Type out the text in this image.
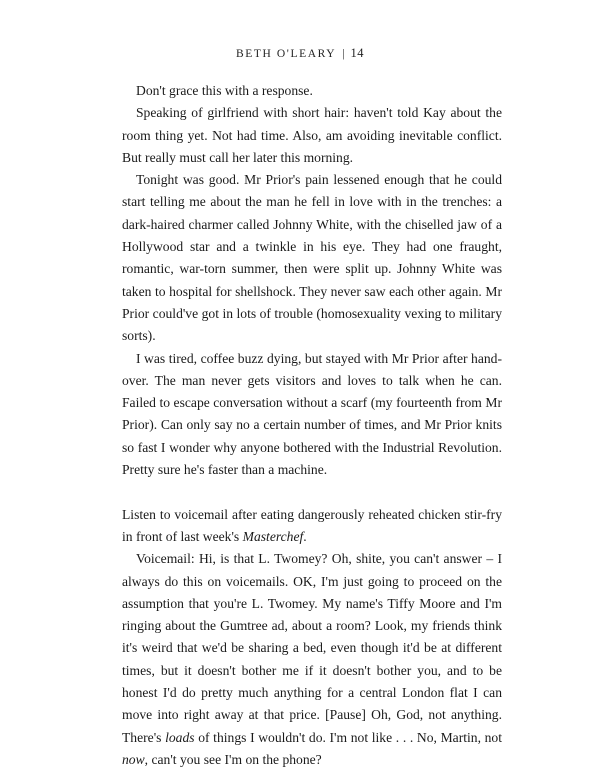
BETH O'LEARY | 14

Don't grace this with a response.

Speaking of girlfriend with short hair: haven't told Kay about the room thing yet. Not had time. Also, am avoiding inevitable conflict. But really must call her later this morning.

Tonight was good. Mr Prior's pain lessened enough that he could start telling me about the man he fell in love with in the trenches: a dark-haired charmer called Johnny White, with the chiselled jaw of a Hollywood star and a twinkle in his eye. They had one fraught, romantic, war-torn summer, then were split up. Johnny White was taken to hospital for shellshock. They never saw each other again. Mr Prior could've got in lots of trouble (homosexuality vexing to military sorts).

I was tired, coffee buzz dying, but stayed with Mr Prior after hand-over. The man never gets visitors and loves to talk when he can. Failed to escape conversation without a scarf (my fourteenth from Mr Prior). Can only say no a certain number of times, and Mr Prior knits so fast I wonder why anyone bothered with the Industrial Revolution. Pretty sure he's faster than a machine.

Listen to voicemail after eating dangerously reheated chicken stir-fry in front of last week's Masterchef.

Voicemail: Hi, is that L. Twomey? Oh, shite, you can't answer – I always do this on voicemails. OK, I'm just going to proceed on the assumption that you're L. Twomey. My name's Tiffy Moore and I'm ringing about the Gumtree ad, about a room? Look, my friends think it's weird that we'd be sharing a bed, even though it'd be at different times, but it doesn't bother me if it doesn't bother you, and to be honest I'd do pretty much anything for a central London flat I can move into right away at that price. [Pause] Oh, God, not anything. There's loads of things I wouldn't do. I'm not like . . . No, Martin, not now, can't you see I'm on the phone?
